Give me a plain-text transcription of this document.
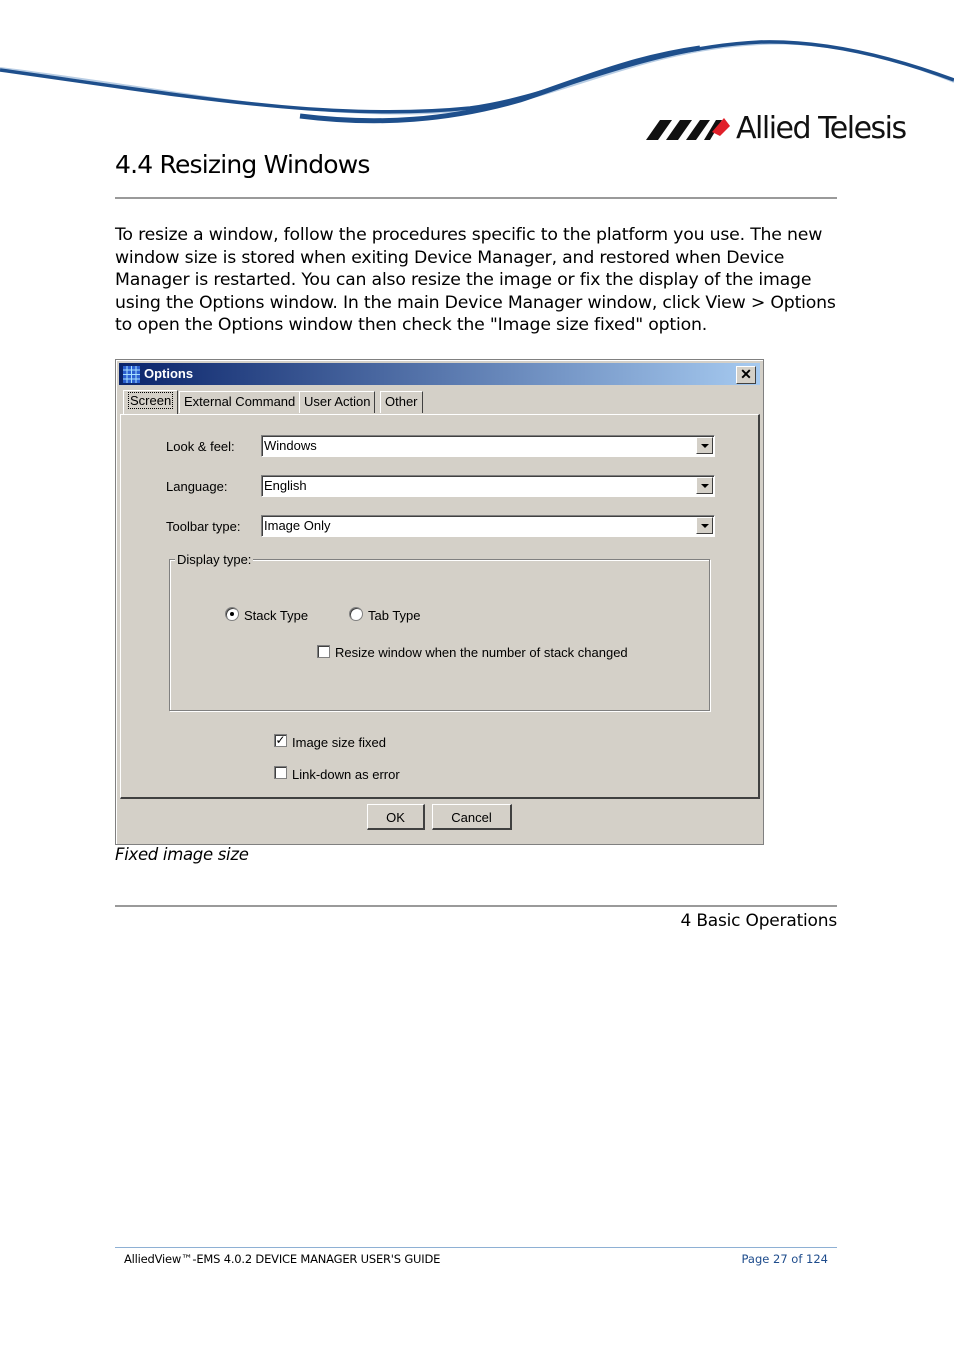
Allied Telesis
4.4 Resizing Windows

To resize a window, follow the procedures specific to the platform you use. The new window size is stored when exiting Device Manager, and restored when Device Manager is restarted. You can also resize the image or fix the display of the image using the Options window. In the main Device Manager window, click View > Options to open the Options window then check the "Image size fixed" option.

Options	✕
Screen External Command User Action	Other
Look & feel: Windows
Language:	English
Toolbar type: Image Only
Display type:
Stack Type	Tab Type
Resize window when the number of stack changed
✓ Image size fixed
Link-down as error
OK	Cancel
Fixed image size
4 Basic Operations
AlliedView™-EMS 4.0.2 DEVICE MANAGER USER'S GUIDE	Page 27 of 124
